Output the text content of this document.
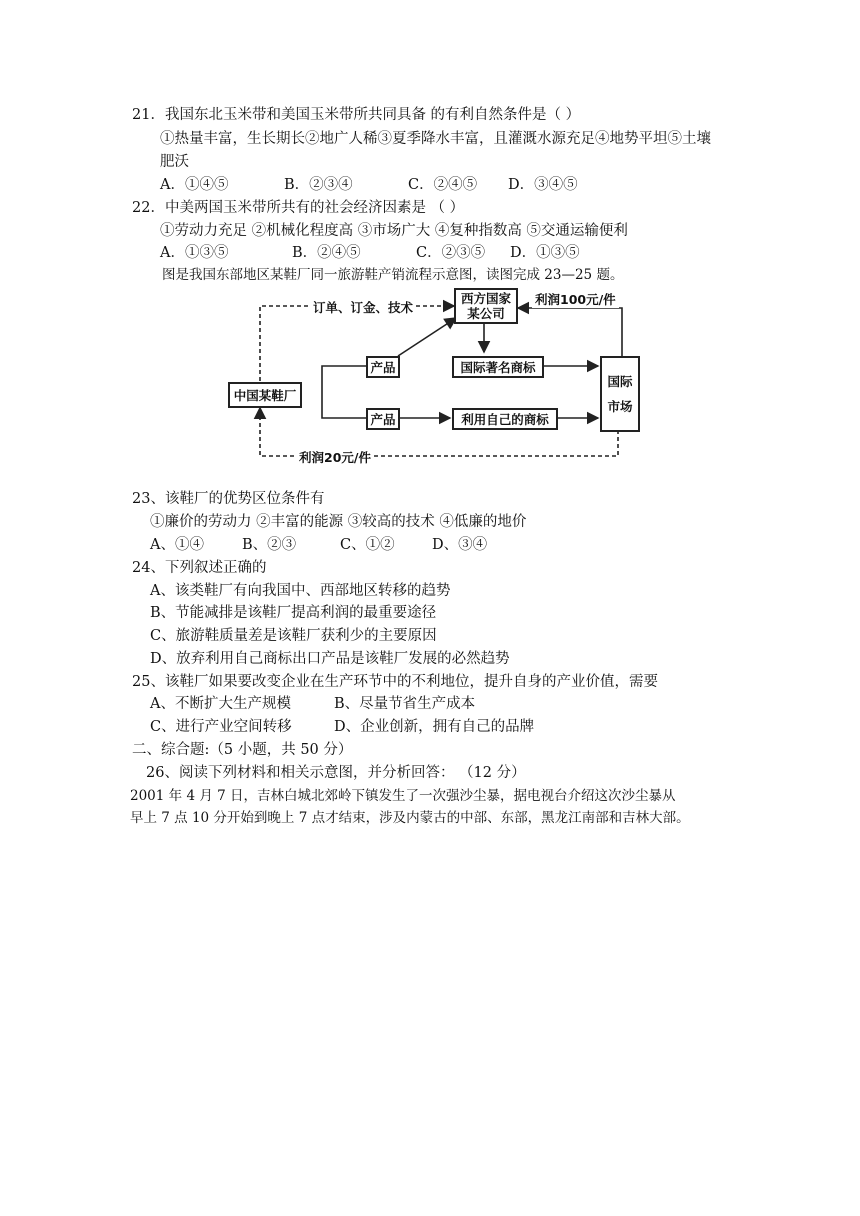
21．我国东北玉米带和美国玉米带所共同具备 的有利自然条件是（ ）
①热量丰富，生长期长②地广人稀③夏季降水丰富，且灌溉水源充足④地势平坦⑤土壤
肥沃
A．①④⑤	B．②③④	C．②④⑤ D．③④⑤
22．中美两国玉米带所共有的社会经济因素是 （ ）
①劳动力充足 ②机械化程度高 ③市场广大 ④复种指数高 ⑤交通运输便利
A．①③⑤	B．②④⑤	C．②③⑤ D．①③⑤
图是我国东部地区某鞋厂同一旅游鞋产销流程示意图，读图完成 23—25 题。
中国某鞋厂
西方国家
某公司
产品
产品
国际著名商标
利用自己的商标
国际
市场
订单、订金、技术
利润100元/件
利润20元/件
23、该鞋厂的优势区位条件有
①廉价的劳动力 ②丰富的能源 ③较高的技术 ④低廉的地价
A、①④	B、②③	C、①②	D、③④
24、下列叙述正确的
A、该类鞋厂有向我国中、西部地区转移的趋势
B、节能减排是该鞋厂提高利润的最重要途径
C、旅游鞋质量差是该鞋厂获利少的主要原因
D、放弃利用自己商标出口产品是该鞋厂发展的必然趋势
25、该鞋厂如果要改变企业在生产环节中的不利地位，提升自身的产业价值，需要
A、不断扩大生产规模	B、尽量节省生产成本
C、进行产业空间转移	D、企业创新，拥有自己的品牌
二、综合题:（5 小题，共 50 分）
26、阅读下列材料和相关示意图，并分析回答： （12 分）
2001 年 4 月 7 日，吉林白城北郊岭下镇发生了一次强沙尘暴，据电视台介绍这次沙尘暴从
早上 7 点 10 分开始到晚上 7 点才结束，涉及内蒙古的中部、东部，黑龙江南部和吉林大部。
